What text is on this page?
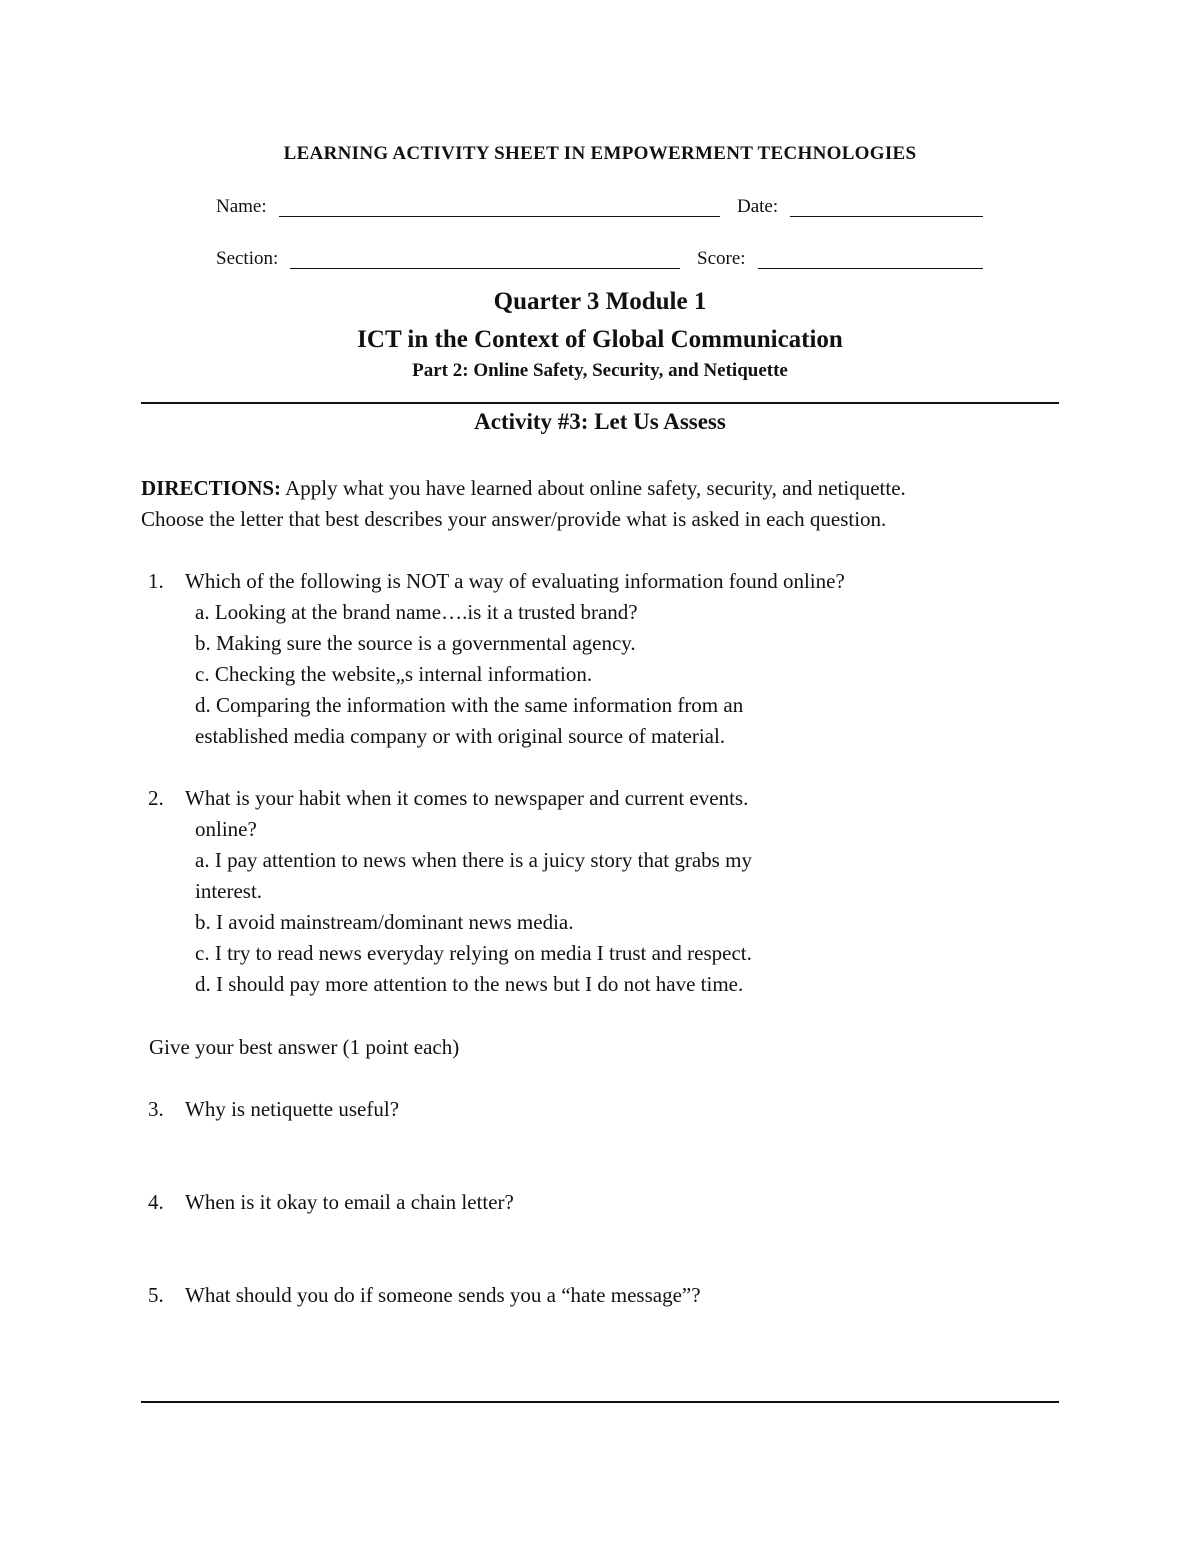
LEARNING ACTIVITY SHEET IN EMPOWERMENT TECHNOLOGIES
Name:	Date:
Section:	Score:
Quarter 3 Module 1
ICT in the Context of Global Communication
Part 2: Online Safety, Security, and Netiquette
Activity #3: Let Us Assess
DIRECTIONS: Apply what you have learned about online safety, security, and netiquette.
Choose the letter that best describes your answer/provide what is asked in each question.
1.	Which of the following is NOT a way of evaluating information found online?
a. Looking at the brand name….is it a trusted brand?
b. Making sure the source is a governmental agency.
c. Checking the website„s internal information.
d. Comparing the information with the same information from an
established media company or with original source of material.
2.	What is your habit when it comes to newspaper and current events.
online?
a. I pay attention to news when there is a juicy story that grabs my
interest.
b. I avoid mainstream/dominant news media.
c. I try to read news everyday relying on media I trust and respect.
d. I should pay more attention to the news but I do not have time.
Give your best answer (1 point each)
3.	Why is netiquette useful?
4.	When is it okay to email a chain letter?
5.	What should you do if someone sends you a “hate message”?
